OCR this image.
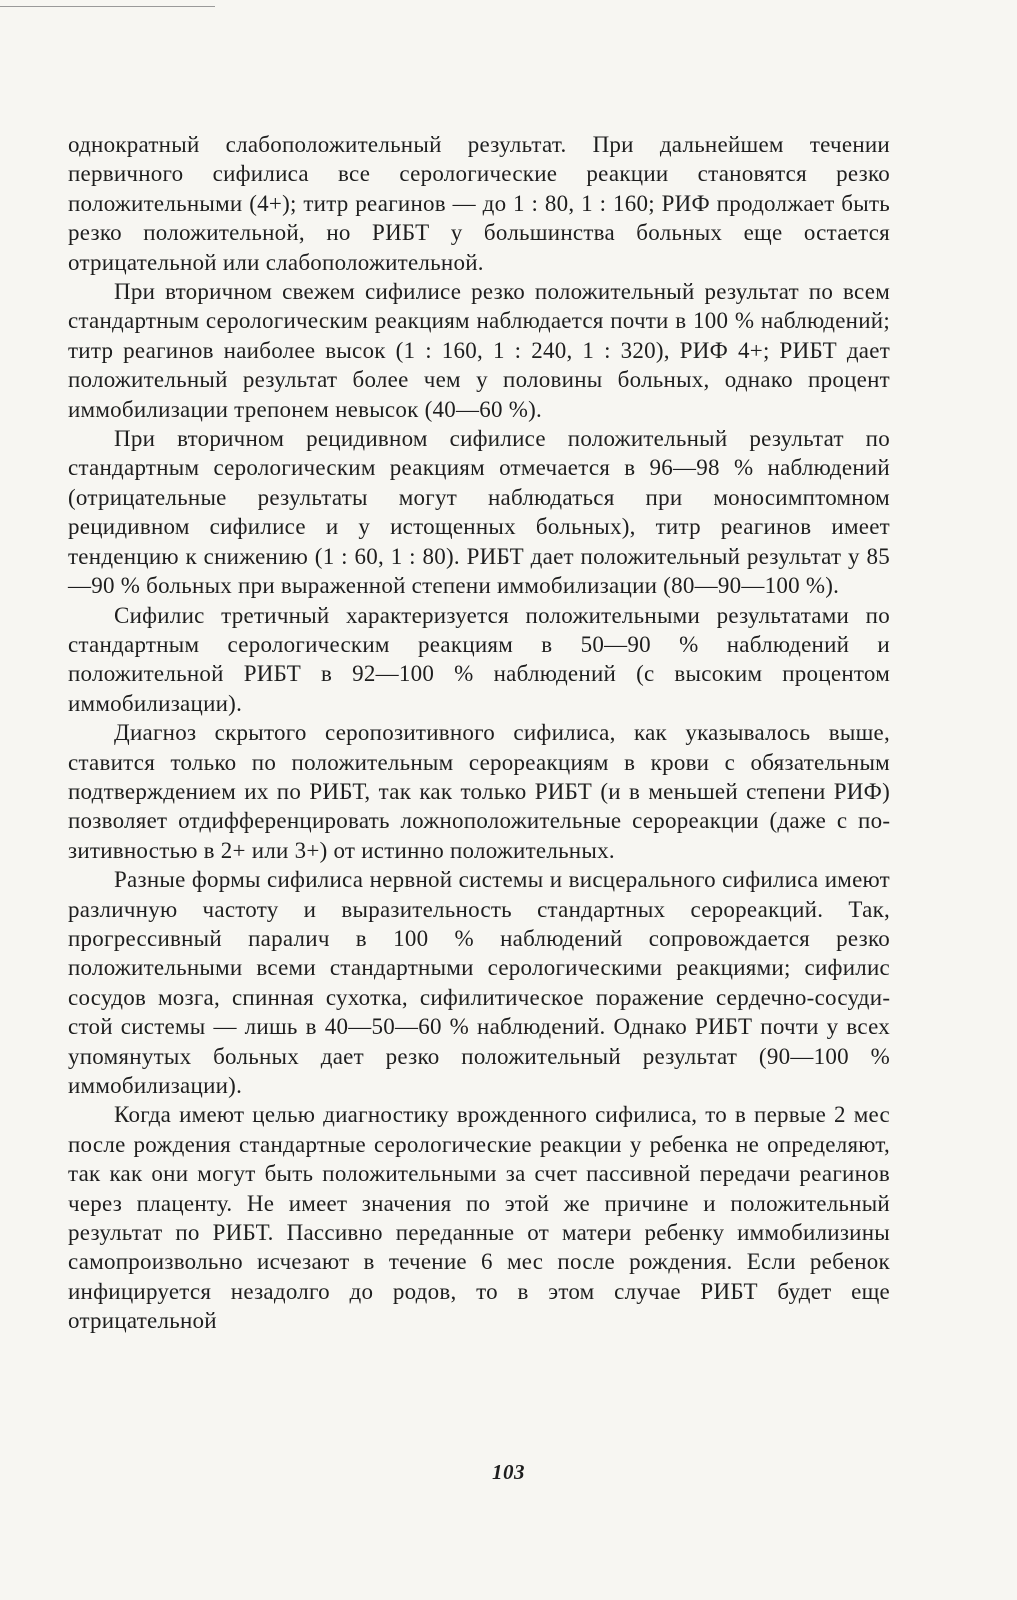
однократный слабоположительный результат. При дальнейшем течении первичного сифилиса все серологические реакции становятся резко положительными (4+); титр реагинов — до 1 : 80, 1 : 160; РИФ продолжает быть резко положительной, но РИБТ у большинства больных еще остается отрицательной или слабоположительной.

При вторичном свежем сифилисе резко положительный результат по всем стандартным серологическим реакциям наблюдается почти в 100 % наблюдений; титр реагинов наиболее высок (1 : 160, 1 : 240, 1 : 320), РИФ 4+; РИБТ дает положительный результат более чем у половины больных, однако процент иммобилизации трепонем невысок (40—60 %).

При вторичном рецидивном сифилисе положительный результат по стандартным серологическим реакциям отмечается в 96—98 % наблюдений (отрицательные результаты могут наблюдаться при моносимптомном рецидивном сифилисе и у истощенных больных), титр реагинов имеет тенденцию к снижению (1 : 60, 1 : 80). РИБТ дает положительный результат у 85—90 % больных при выраженной степени иммобилизации (80—90—100 %).

Сифилис третичный характеризуется положительными результатами по стандартным серологическим реакциям в 50—90 % наблюдений и положительной РИБТ в 92—100 % наблюдений (с высоким процентом иммобилизации).

Диагноз скрытого серопозитивного сифилиса, как указывалось выше, ставится только по положительным серореакциям в крови с обязательным подтверждением их по РИБТ, так как только РИБТ (и в меньшей степени РИФ) позволяет отдифференцировать ложноположительные серореакции (даже с позитивностью в 2+ или 3+) от истинно положительных.

Разные формы сифилиса нервной системы и висцерального сифилиса имеют различную частоту и выразительность стандартных серореакций. Так, прогрессивный паралич в 100 % наблюдений сопровождается резко положительными всеми стандартными серологическими реакциями; сифилис сосудов мозга, спинная сухотка, сифилитическое поражение сердечно-сосудистой системы — лишь в 40—50—60 % наблюдений. Однако РИБТ почти у всех упомянутых больных дает резко положительный результат (90—100 % иммобилизации).

Когда имеют целью диагностику врожденного сифилиса, то в первые 2 мес после рождения стандартные серологические реакции у ребенка не определяют, так как они могут быть положительными за счет пассивной передачи реагинов через плаценту. Не имеет значения по этой же причине и положительный результат по РИБТ. Пассивно переданные от матери ребенку иммобилизины самопроизвольно исчезают в течение 6 мес после рождения. Если ребенок инфицируется незадолго до родов, то в этом случае РИБТ будет еще отрицательной

103
